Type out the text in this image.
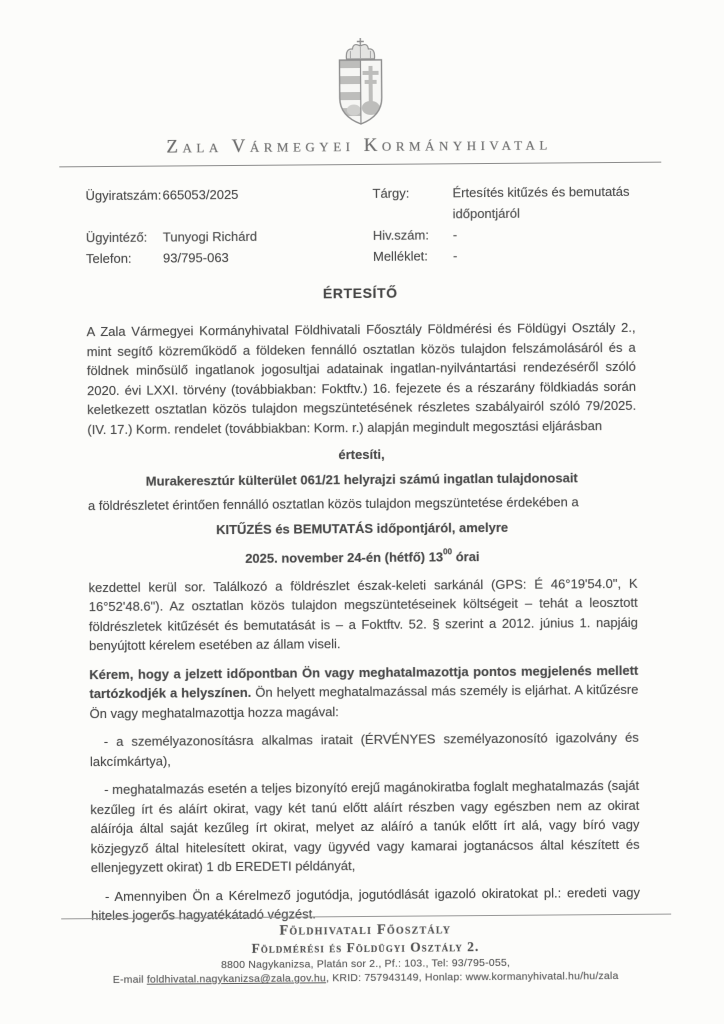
Zala Vármegyei Kormányhivatal
Ügyiratszám: 665053/2025
Ügyintéző:	Tunyogi Richárd
Telefon:	93/795-063
Tárgy:	Értesítés kitűzés és bemutatás időpontjáról
Hiv.szám:	-
Melléklet:	-
ÉRTESÍTŐ

A Zala Vármegyei Kormányhivatal Földhivatali Főosztály Földmérési és Földügyi Osztály 2., mint segítő közreműködő a földeken fennálló osztatlan közös tulajdon felszámolásáról és a földnek minősülő ingatlanok jogosultjai adatainak ingatlan-nyilvántartási rendezéséről szóló 2020. évi LXXI. törvény (továbbiakban: Foktftv.) 16. fejezete és a részarány földkiadás során keletkezett osztatlan közös tulajdon megszüntetésének részletes szabályairól szóló 79/2025. (IV. 17.) Korm. rendelet (továbbiakban: Korm. r.) alapján megindult megosztási eljárásban

értesíti,

Murakeresztúr külterület 061/21 helyrajzi számú ingatlan tulajdonosait

a földrészletet érintően fennálló osztatlan közös tulajdon megszüntetése érdekében a

KITŰZÉS és BEMUTATÁS időpontjáról, amelyre

2025. november 24-én (hétfő) $13^{00}$ órai

kezdettel kerül sor. Találkozó a földrészlet észak-keleti sarkánál (GPS: É 46°19'54.0", K 16°52'48.6"). Az osztatlan közös tulajdon megszüntetéseinek költségeit – tehát a leosztott földrészletek kitűzését és bemutatását is – a Foktftv. 52. § szerint a 2012. június 1. napjáig benyújtott kérelem esetében az állam viseli.

Kérem, hogy a jelzett időpontban Ön vagy meghatalmazottja pontos megjelenés mellett tartózkodjék a helyszínen. Ön helyett meghatalmazással más személy is eljárhat. A kitűzésre Ön vagy meghatalmazottja hozza magával:

- a személyazonosításra alkalmas iratait (ÉRVÉNYES személyazonosító igazolvány és lakcímkártya),

- meghatalmazás esetén a teljes bizonyító erejű magánokiratba foglalt meghatalmazás (saját kezűleg írt és aláírt okirat, vagy két tanú előtt aláírt részben vagy egészben nem az okirat aláírója által saját kezűleg írt okirat, melyet az aláíró a tanúk előtt írt alá, vagy bíró vagy közjegyző által hitelesített okirat, vagy ügyvéd vagy kamarai jogtanácsos által készített és ellenjegyzett okirat) 1 db EREDETI példányát,

- Amennyiben Ön a Kérelmező jogutódja, jogutódlását igazoló okiratokat pl.: eredeti vagy hiteles jogerős hagyatékátadó végzést.

Földhivatali Főosztály
Földmérési és Földügyi Osztály 2.
8800 Nagykanizsa, Platán sor 2., Pf.: 103., Tel: 93/795-055,
E-mail foldhivatal.nagykanizsa@zala.gov.hu, KRID: 757943149, Honlap: www.kormanyhivatal.hu/hu/zala
